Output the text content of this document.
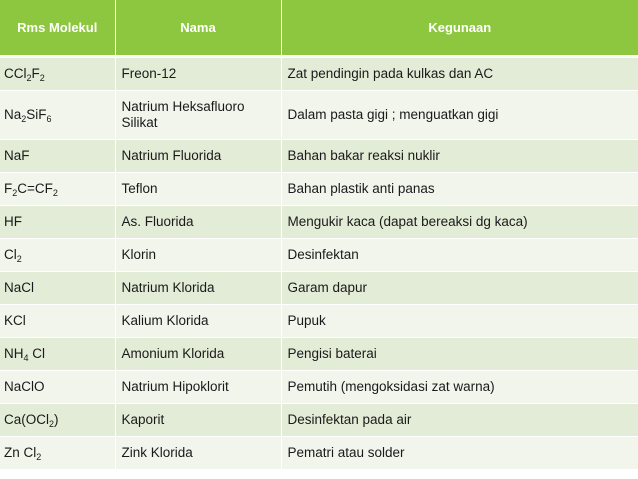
Rms Molekul	Nama	Kegunaan
$CCl_2F_2$	Freon-12	Zat pendingin pada kulkas dan AC
$Na_2SiF_6$	Natrium Heksafluoro Silikat	Dalam pasta gigi ; menguatkan gigi
NaF	Natrium Fluorida	Bahan bakar reaksi nuklir
$F_2C=CF_2$	Teflon	Bahan plastik anti panas
HF	As. Fluorida	Mengukir kaca (dapat bereaksi dg kaca)
$Cl_2$	Klorin	Desinfektan
NaCl	Natrium Klorida	Garam dapur
KCl	Kalium Klorida	Pupuk
$NH_4$ Cl	Amonium Klorida	Pengisi baterai
NaClO	Natrium Hipoklorit	Pemutih (mengoksidasi zat warna)
Ca(OCl$_2$)	Kaporit	Desinfektan pada air
Zn $Cl_2$	Zink Klorida	Pematri atau solder
